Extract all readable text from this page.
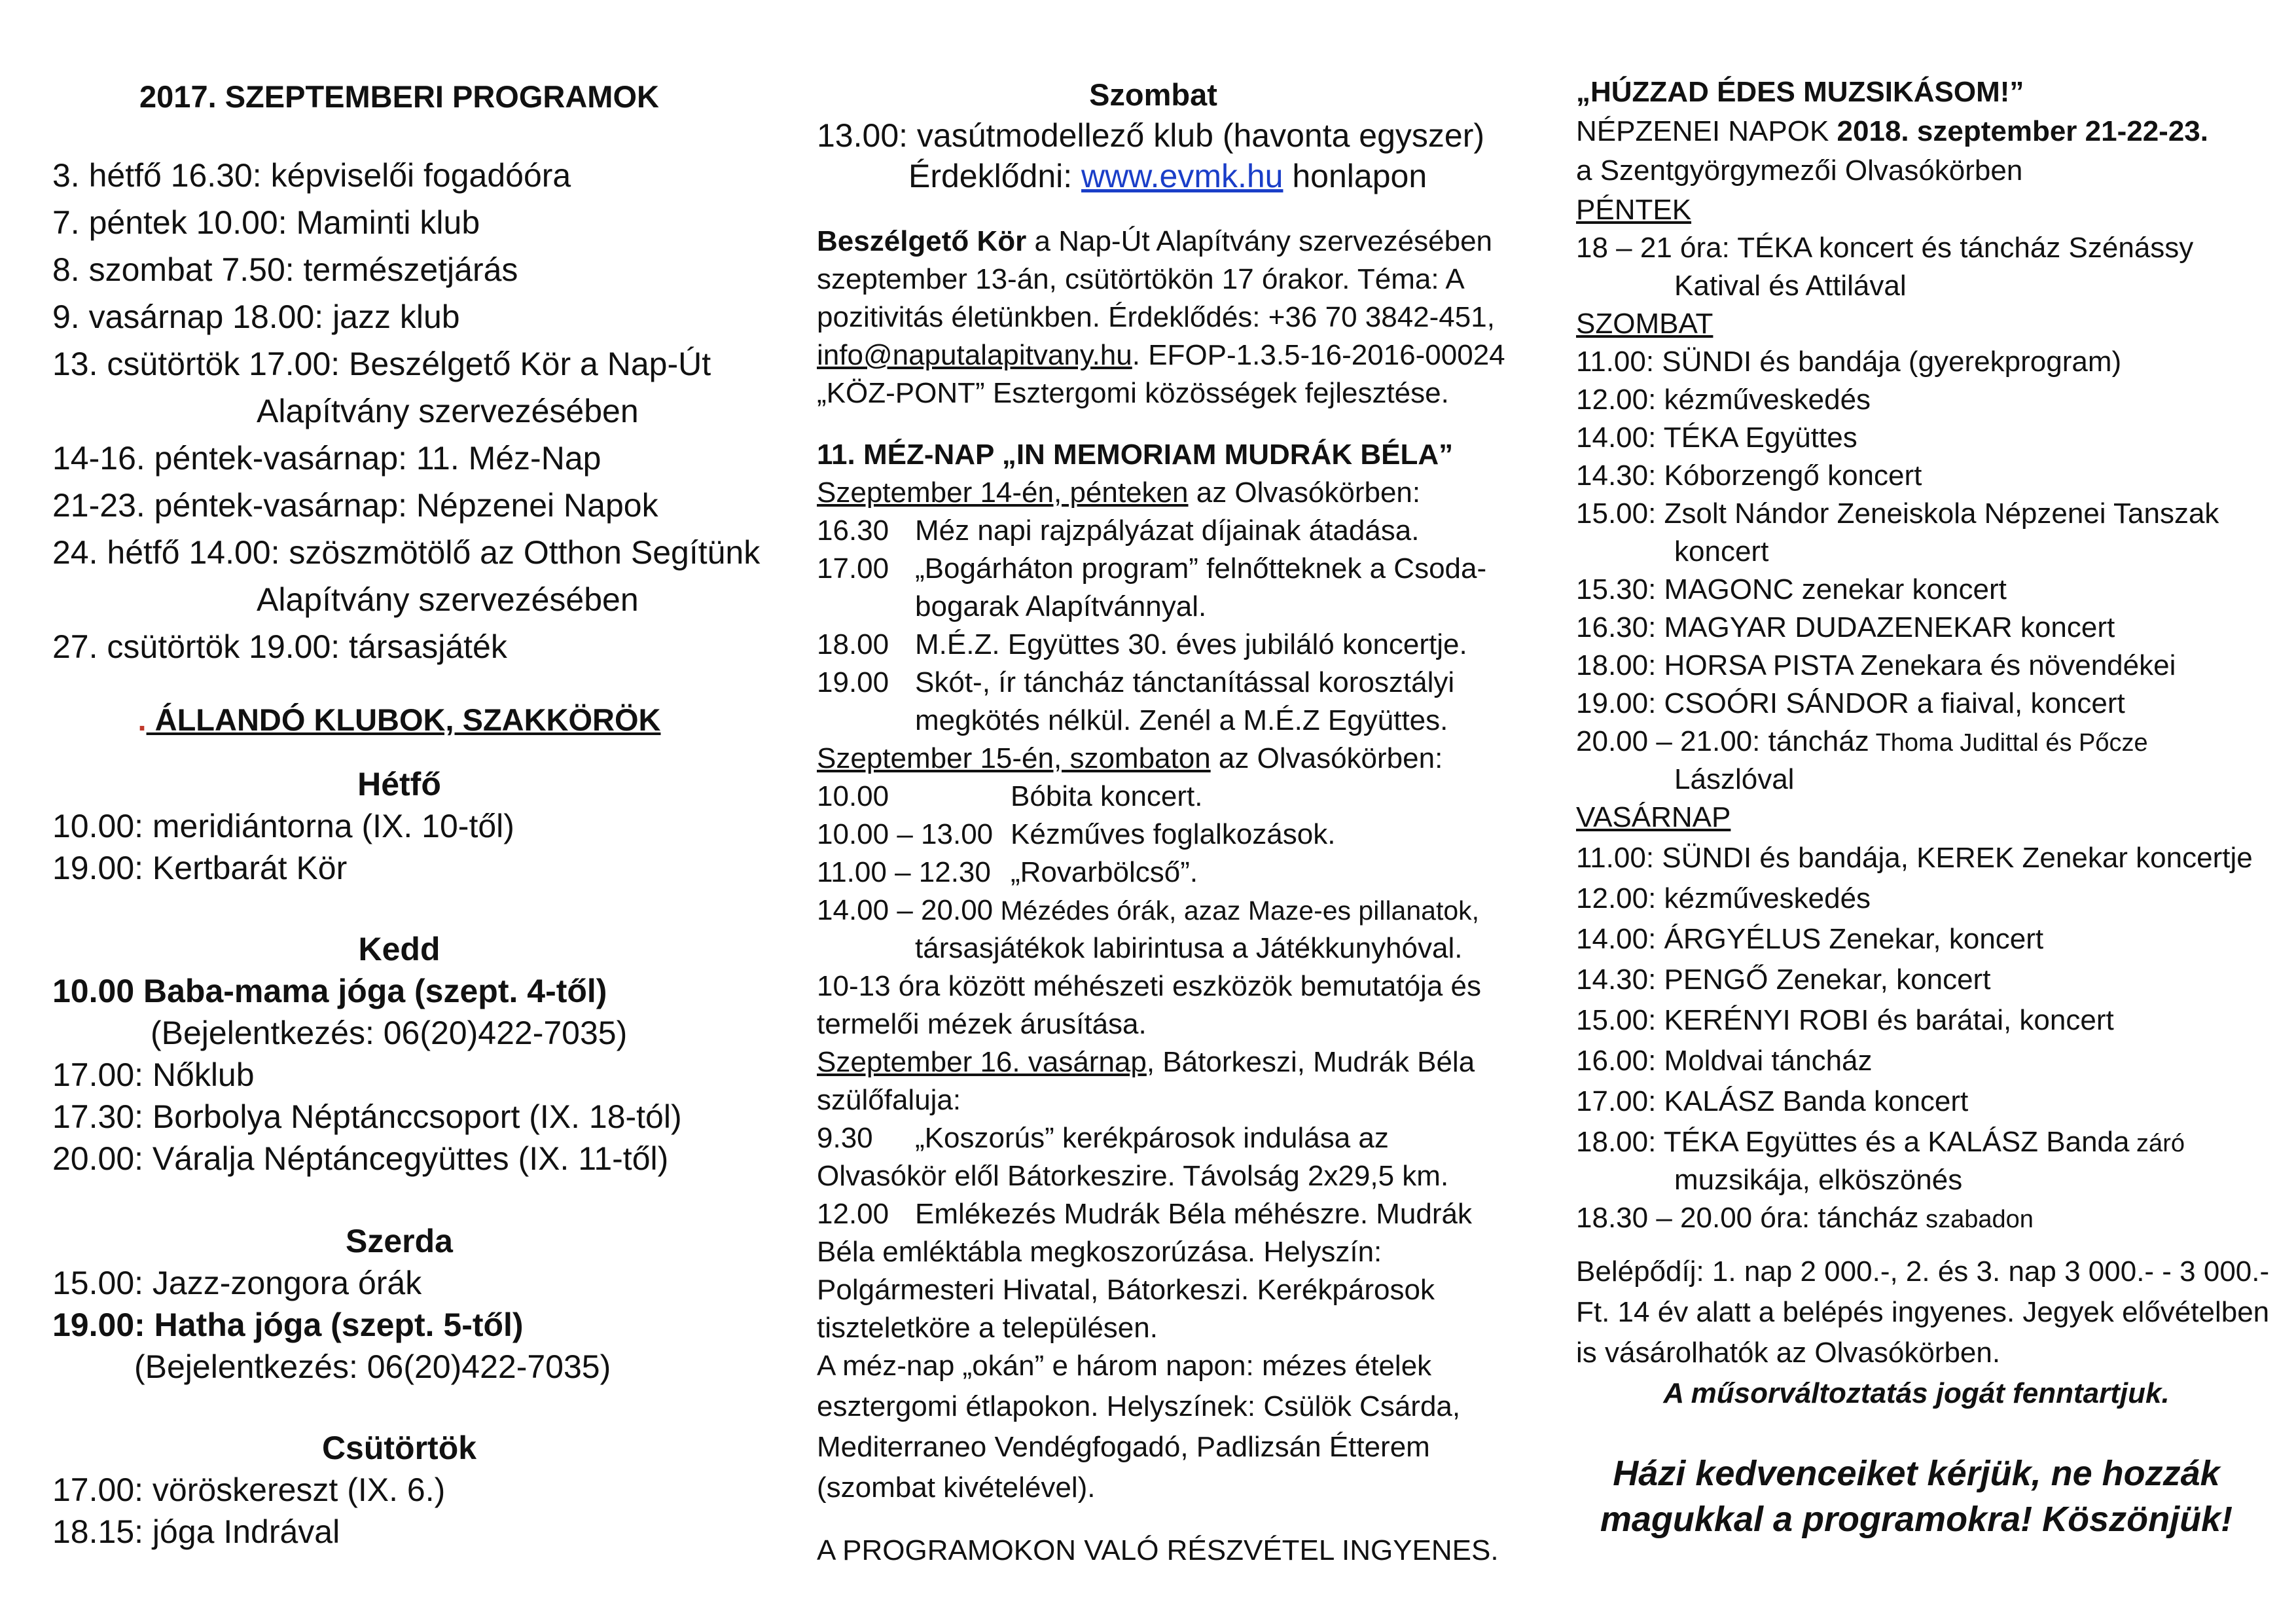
2017. SZEPTEMBERI PROGRAMOK
3. hétfő 16.30: képviselői fogadóóra
7. péntek 10.00: Maminti klub
8. szombat 7.50: természetjárás
9. vasárnap 18.00: jazz klub
13. csütörtök 17.00: Beszélgető Kör a Nap-Út
Alapítvány szervezésében
14-16. péntek-vasárnap: 11. Méz-Nap
21-23. péntek-vasárnap: Népzenei Napok
24. hétfő 14.00: szöszmötölő az Otthon Segítünk
Alapítvány szervezésében
27. csütörtök 19.00: társasjáték
. ÁLLANDÓ KLUBOK, SZAKKÖRÖK
Hétfő
10.00: meridiántorna (IX. 10-től)
19.00: Kertbarát Kör
Kedd
10.00 Baba-mama jóga (szept. 4-től)
(Bejelentkezés: 06(20)422-7035)
17.00: Nőklub
17.30: Borbolya Néptánccsoport (IX. 18-tól)
20.00: Váralja Néptáncegyüttes (IX. 11-től)
Szerda
15.00: Jazz-zongora órák
19.00: Hatha jóga (szept. 5-től)
(Bejelentkezés: 06(20)422-7035)
Csütörtök
17.00: vöröskereszt (IX. 6.)
18.15: jóga Indrával
Szombat
13.00: vasútmodellező klub (havonta egyszer)
Érdeklődni: www.evmk.hu honlapon
Beszélgető Kör a Nap-Út Alapítvány szervezésében
szeptember 13-án, csütörtökön 17 órakor. Téma: A
pozitivitás életünkben. Érdeklődés: +36 70 3842-451,
info@naputalapitvany.hu. EFOP-1.3.5-16-2016-00024
„KÖZ-PONT” Esztergomi közösségek fejlesztése.
11. MÉZ-NAP „IN MEMORIAM MUDRÁK BÉLA”
Szeptember 14-én, pénteken az Olvasókörben:
16.30 Méz napi rajzpályázat díjainak átadása.
17.00 „Bogárháton program” felnőtteknek a Csoda-
bogarak Alapítvánnyal.
18.00 M.É.Z. Együttes 30. éves jubiláló koncertje.
19.00 Skót-, ír táncház tánctanítással korosztályi
megkötés nélkül. Zenél a M.É.Z Együttes.
Szeptember 15-én, szombaton az Olvasókörben:
10.00	Bóbita koncert.
10.00 – 13.00 Kézműves foglalkozások.
11.00 – 12.30 „Rovarbölcső”.
14.00 – 20.00 Mézédes órák, azaz Maze-es pillanatok,
társasjátékok labirintusa a Játékkunyhóval.
10-13 óra között méhészeti eszközök bemutatója és
termelői mézek árusítása.
Szeptember 16. vasárnap, Bátorkeszi, Mudrák Béla
szülőfaluja:
9.30 „Koszorús” kerékpárosok indulása az
Olvasókör elől Bátorkeszire. Távolság 2x29,5 km.
12.00 Emlékezés Mudrák Béla méhészre. Mudrák
Béla emléktábla megkoszorúzása. Helyszín:
Polgármesteri Hivatal, Bátorkeszi. Kerékpárosok
tiszteletkörе a településen.
A méz-nap „okán” e három napon: mézes ételek
esztergomi étlapokon. Helyszínek: Csülök Csárda,
Mediterraneo Vendégfogadó, Padlizsán Étterem
(szombat kivételével).
A PROGRAMOKON VALÓ RÉSZVÉTEL INGYENES.
„HÚZZAD ÉDES MUZSIKÁSOM!”
NÉPZENEI NAPOK 2018. szeptember 21-22-23.
a Szentgyörgymezői Olvasókörben
PÉNTEK
18 – 21 óra: TÉKA koncert és táncház Szénássy
Katival és Attilával
SZOMBAT
11.00: SÜNDI és bandája (gyerekprogram)
12.00: kézművеskedés
14.00: TÉKA Együttes
14.30: Kóborzengő koncert
15.00: Zsolt Nándor Zeneiskola Népzenei Tanszak
koncert
15.30: MAGONC zenekar koncert
16.30: MAGYAR DUDAZENEKAR koncert
18.00: HORSA PISTA Zenekara és növendékei
19.00: CSOÓRI SÁNDOR a fiaival, koncert
20.00 – 21.00: táncház Thoma Judittal és Pőcze
Lászlóval
VASÁRNAP
11.00: SÜNDI és bandája, KEREK Zenekar koncertje
12.00: kézművеskedés
14.00: ÁRGYÉLUS Zenekar, koncert
14.30: PENGŐ Zenekar, koncert
15.00: KERÉNYI ROBI és barátai, koncert
16.00: Moldvai táncház
17.00: KALÁSZ Banda koncert
18.00: TÉKA Együttes és a KALÁSZ Banda záró
muzsikája, elköszönés
18.30 – 20.00 óra: táncház szabadon
Belépődíj: 1. nap 2 000.-, 2. és 3. nap 3 000.- - 3 000.-
Ft. 14 év alatt a belépés ingyenes. Jegyek elővételben
is vásárolhatók az Olvasókörben.
A műsorváltoztatás jogát fenntartjuk.
Házi kedvenceiket kérjük, ne hozzák
magukkal a programokra! Köszönjük!
